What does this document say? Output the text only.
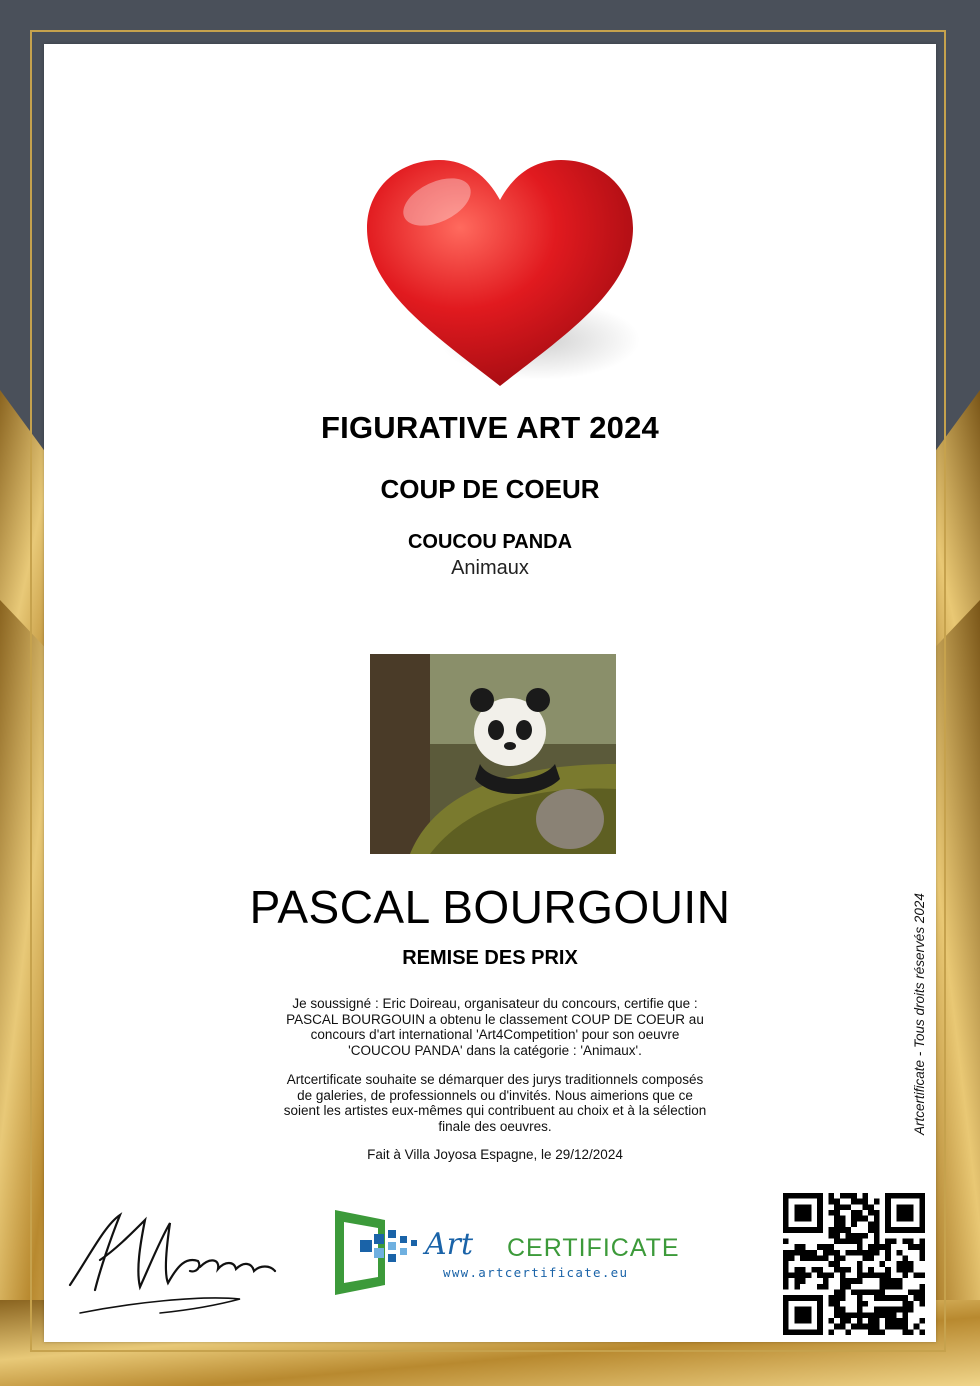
FIGURATIVE ART 2024
COUP DE COEUR
COUCOU PANDA
Animaux
PASCAL BOURGOUIN
REMISE DES PRIX
Je soussigné : Eric Doireau, organisateur du concours, certifie que : PASCAL BOURGOUIN a obtenu le classement COUP DE COEUR au concours d'art international 'Art4Competition' pour son oeuvre 'COUCOU PANDA' dans la catégorie : 'Animaux'.
Artcertificate souhaite se démarquer des jurys traditionnels composés de galeries, de professionnels ou d'invités. Nous aimerions que ce soient les artistes eux-mêmes qui contribuent au choix et à la sélection finale des oeuvres.
Fait à Villa Joyosa Espagne, le 29/12/2024
Artcertificate - Tous droits réservés 2024
Art CERTIFICATE
www.artcertificate.eu
